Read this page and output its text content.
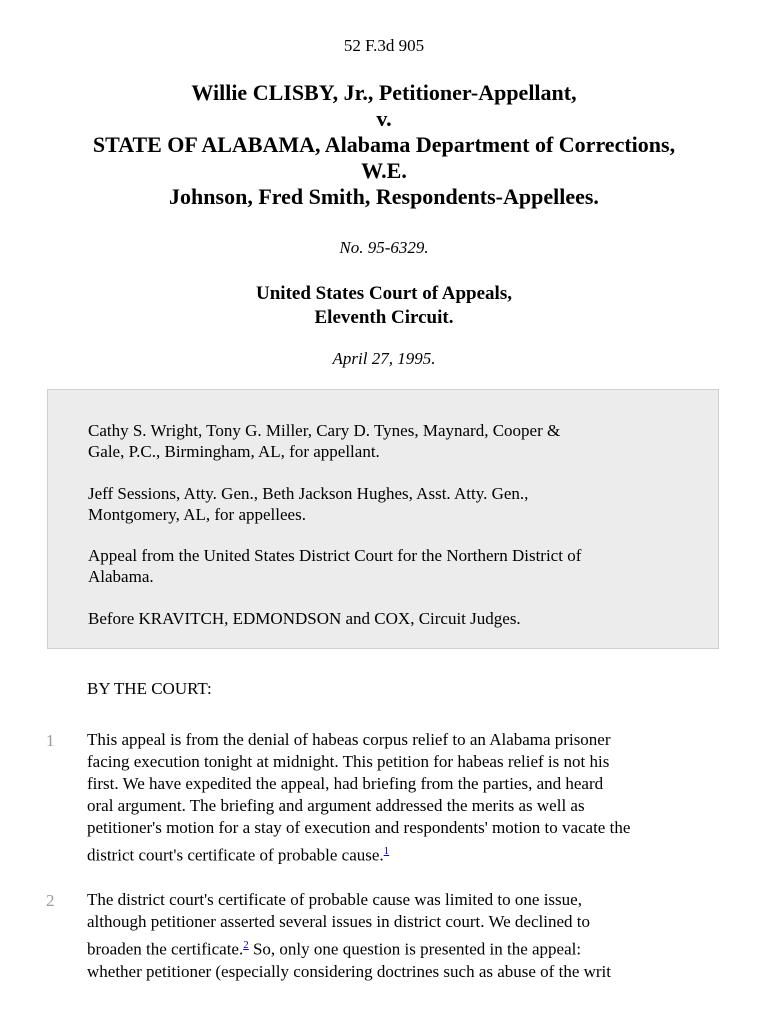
52 F.3d 905
Willie CLISBY, Jr., Petitioner-Appellant,
v.
STATE OF ALABAMA, Alabama Department of Corrections,
W.E.
Johnson, Fred Smith, Respondents-Appellees.
No. 95-6329.
United States Court of Appeals,
Eleventh Circuit.
April 27, 1995.

Cathy S. Wright, Tony G. Miller, Cary D. Tynes, Maynard, Cooper &
Gale, P.C., Birmingham, AL, for appellant.

Jeff Sessions, Atty. Gen., Beth Jackson Hughes, Asst. Atty. Gen.,
Montgomery, AL, for appellees.

Appeal from the United States District Court for the Northern District of
Alabama.

Before KRAVITCH, EDMONDSON and COX, Circuit Judges.

BY THE COURT:
1 This appeal is from the denial of habeas corpus relief to an Alabama prisoner
facing execution tonight at midnight. This petition for habeas relief is not his
first. We have expedited the appeal, had briefing from the parties, and heard
oral argument. The briefing and argument addressed the merits as well as
petitioner's motion for a stay of execution and respondents' motion to vacate the
district court's certificate of probable cause.$^1$
2 The district court's certificate of probable cause was limited to one issue,
although petitioner asserted several issues in district court. We declined to
broaden the certificate.$^2$ So, only one question is presented in the appeal:
whether petitioner (especially considering doctrines such as abuse of the writ
